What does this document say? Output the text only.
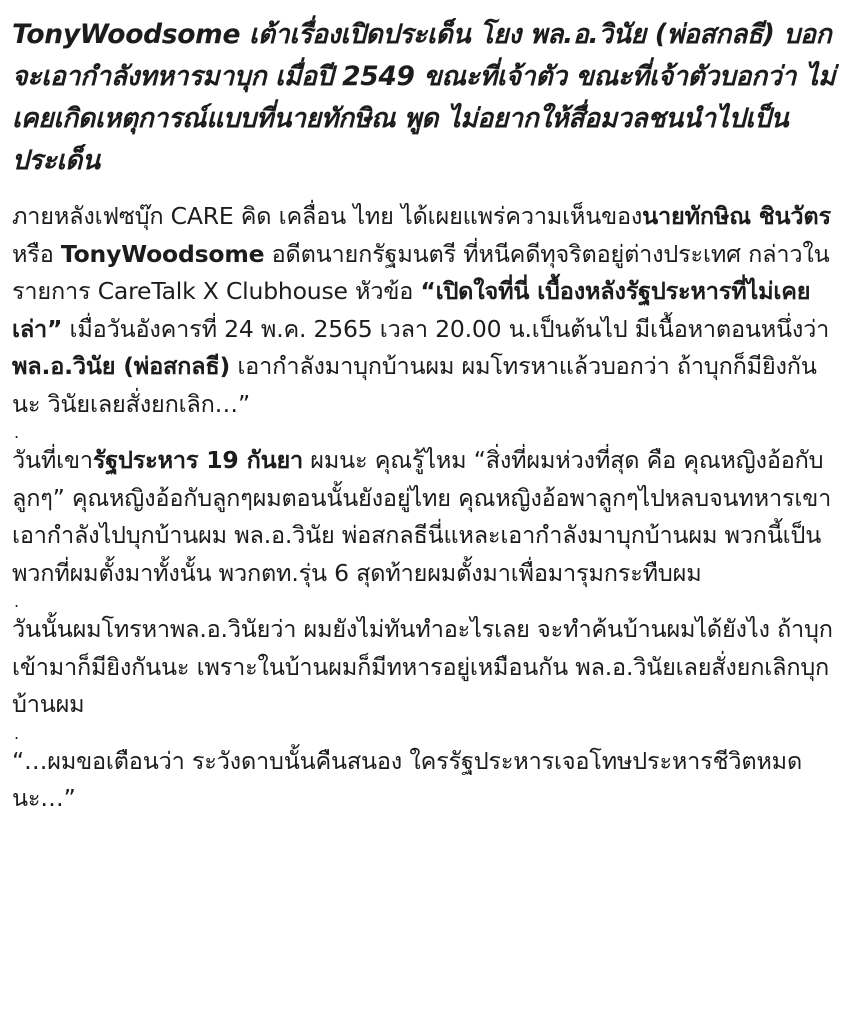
TonyWoodsome เต้าเรื่องเปิดประเด็น โยง พล.อ.วินัย (พ่อสกลธี) บอกจะเอากำลังทหารมาบุก เมื่อปี 2549 ขณะที่เจ้าตัว ขณะที่เจ้าตัวบอกว่า ไม่เคยเกิดเหตุการณ์แบบที่นายทักษิณ พูด ไม่อยากให้สื่อมวลชนนำไปเป็นประเด็น

ภายหลังเฟซบุ๊ก CARE คิด เคลื่อน ไทย ได้เผยแพร่ความเห็นของนายทักษิณ ชินวัตร หรือ TonyWoodsome อดีตนายกรัฐมนตรี ที่หนีคดีทุจริตอยู่ต่างประเทศ กล่าวในรายการ CareTalk X Clubhouse หัวข้อ “เปิดใจที่นี่ เบื้องหลังรัฐประหารที่ไม่เคยเล่า” เมื่อวันอังคารที่ 24 พ.ค. 2565 เวลา 20.00 น.เป็นต้นไป มีเนื้อหาตอนหนึ่งว่า พล.อ.วินัย (พ่อสกลธี) เอากำลังมาบุกบ้านผม ผมโทรหาแล้วบอกว่า ถ้าบุกก็มียิงกันนะ วินัยเลยสั่งยกเลิก…”

.

วันที่เขารัฐประหาร 19 กันยา ผมนะ คุณรู้ไหม “สิ่งที่ผมห่วงที่สุด คือ คุณหญิงอ้อกับลูกๆ” คุณหญิงอ้อกับลูกๆผมตอนนั้นยังอยู่ไทย คุณหญิงอ้อพาลูกๆไปหลบจนทหารเขาเอากำลังไปบุกบ้านผม พล.อ.วินัย พ่อสกลธีนี่แหละเอากำลังมาบุกบ้านผม พวกนี้เป็นพวกที่ผมตั้งมาทั้งนั้น พวกตท.รุ่น 6 สุดท้ายผมตั้งมาเพื่อมารุมกระทืบผม

.

วันนั้นผมโทรหาพล.อ.วินัยว่า ผมยังไม่ทันทำอะไรเลย จะทำค้นบ้านผมได้ยังไง ถ้าบุกเข้ามาก็มียิงกันนะ เพราะในบ้านผมก็มีทหารอยู่เหมือนกัน พล.อ.วินัยเลยสั่งยกเลิกบุกบ้านผม

.

“…ผมขอเตือนว่า ระวังดาบนั้นคืนสนอง ใครรัฐประหารเจอโทษประหารชีวิตหมดนะ…”
